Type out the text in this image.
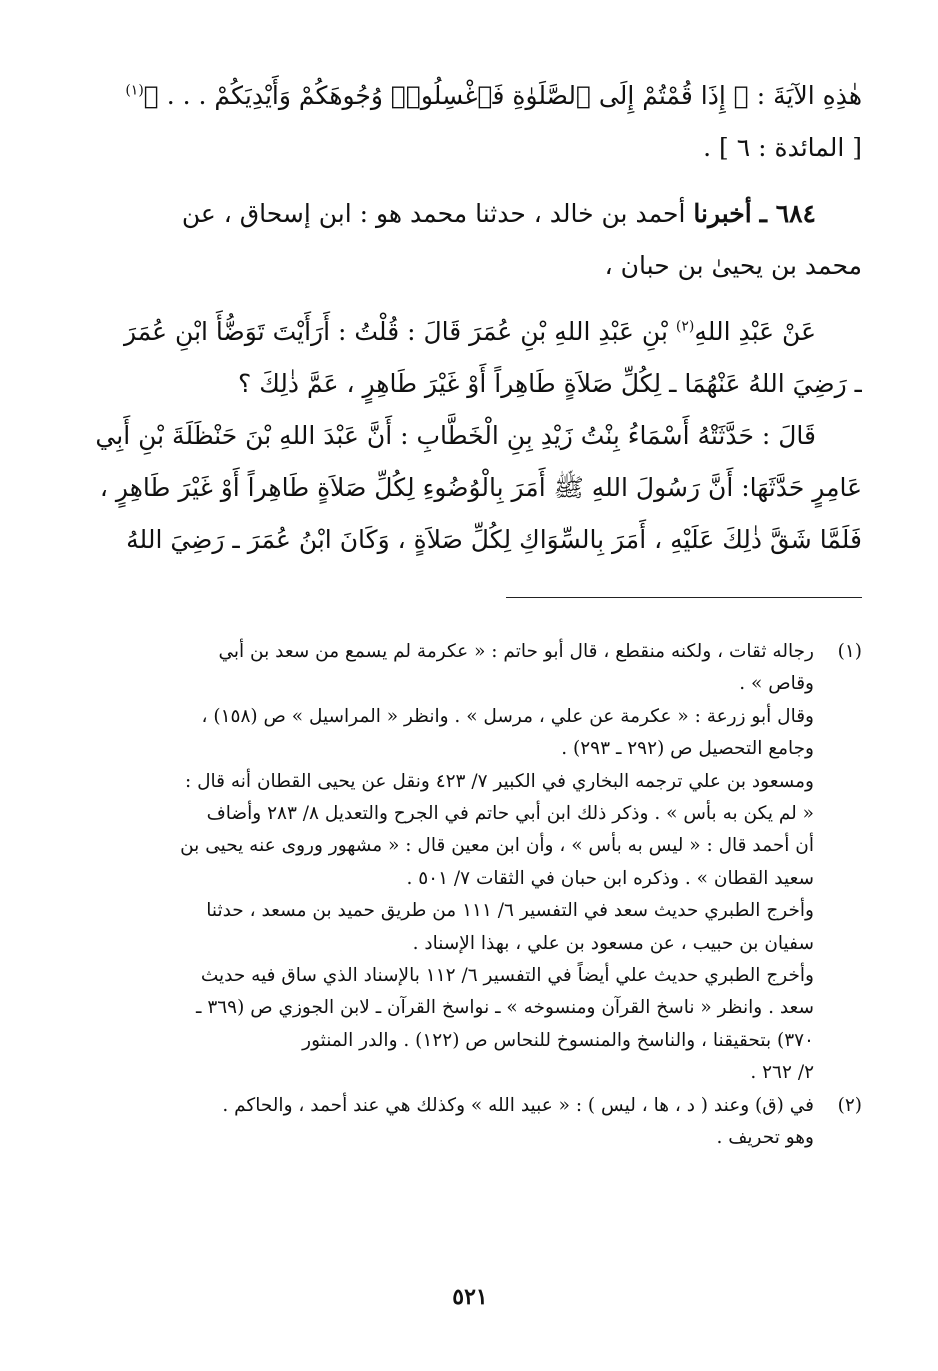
هٰذِهِ الآيَةَ : ﴿ إِذَا قُمْتُمْ إِلَى ٱلصَّلَوٰةِ فَٱغْسِلُوا۟ وُجُوهَكُمْ وَأَيْدِيَكُمْ . . . ﴾$^{(١)}$
[ المائدة : ٦ ] .
٦٨٤ ـ أخبرنا أحمد بن خالد ، حدثنا محمد هو : ابن إسحاق ، عن
محمد بن يحيىٰ بن حبان ،
عَنْ عَبْدِ اللهِ$^{(٢)}$ بْنِ عَبْدِ اللهِ بْنِ عُمَرَ قَالَ : قُلْتُ : أَرَأَيْتَ تَوَضُّأَ ابْنِ عُمَرَ
ـ رَضِيَ اللهُ عَنْهُمَا ـ لِكُلِّ صَلاَةٍ طَاهِراً أَوْ غَيْرَ طَاهِرٍ ، عَمَّ ذٰلِكَ ؟
قَالَ : حَدَّثَتْهُ أَسْمَاءُ بِنْتُ زَيْدِ بِنِ الْخَطَّابِ : أَنَّ عَبْدَ اللهِ بْنَ حَنْظَلَةَ بْنِ أَبِي
عَامِرٍ حَدَّثَهَا: أَنَّ رَسُولَ اللهِ ﷺ أَمَرَ بِالْوُضُوءِ لِكُلِّ صَلاَةٍ طَاهِراً أَوْ غَيْرَ طَاهِرٍ ،
فَلَمَّا شَقَّ ذٰلِكَ عَلَيْهِ ، أَمَرَ بِالسِّوَاكِ لِكُلِّ صَلاَةٍ ، وَكَانَ ابْنُ عُمَرَ ـ رَضِيَ اللهُ
(١)
رجاله ثقات ، ولكنه منقطع ، قال أبو حاتم : « عكرمة لم يسمع من سعد بن أبي
وقاص » .
وقال أبو زرعة : « عكرمة عن علي ، مرسل » . وانظر « المراسيل » ص (١٥٨) ،
وجامع التحصيل ص (٢٩٢ ـ ٢٩٣) .
ومسعود بن علي ترجمه البخاري في الكبير ٧/ ٤٢٣ ونقل عن يحيى القطان أنه قال :
« لم يكن به بأس » . وذكر ذلك ابن أبي حاتم في الجرح والتعديل ٨/ ٢٨٣ وأضاف
أن أحمد قال : « ليس به بأس » ، وأن ابن معين قال : « مشهور وروى عنه يحيى بن
سعيد القطان » . وذكره ابن حبان في الثقات ٧/ ٥٠١ .
وأخرج الطبري حديث سعد في التفسير ٦/ ١١١ من طريق حميد بن مسعد ، حدثنا
سفيان بن حبيب ، عن مسعود بن علي ، بهذا الإسناد .
وأخرج الطبري حديث علي أيضاً في التفسير ٦/ ١١٢ بالإسناد الذي ساق فيه حديث
سعد . وانظر « ناسخ القرآن ومنسوخه » ـ نواسخ القرآن ـ لابن الجوزي ص (٣٦٩ ـ
٣٧٠) بتحقيقنا ، والناسخ والمنسوخ للنحاس ص (١٢٢) . والدر المنثور
٢/ ٢٦٢ .
(٢)
في (ق) وعند ( د ، ها ، ليس ) : « عبيد الله » وكذلك هي عند أحمد ، والحاكم .
وهو تحريف .
٥٢١
